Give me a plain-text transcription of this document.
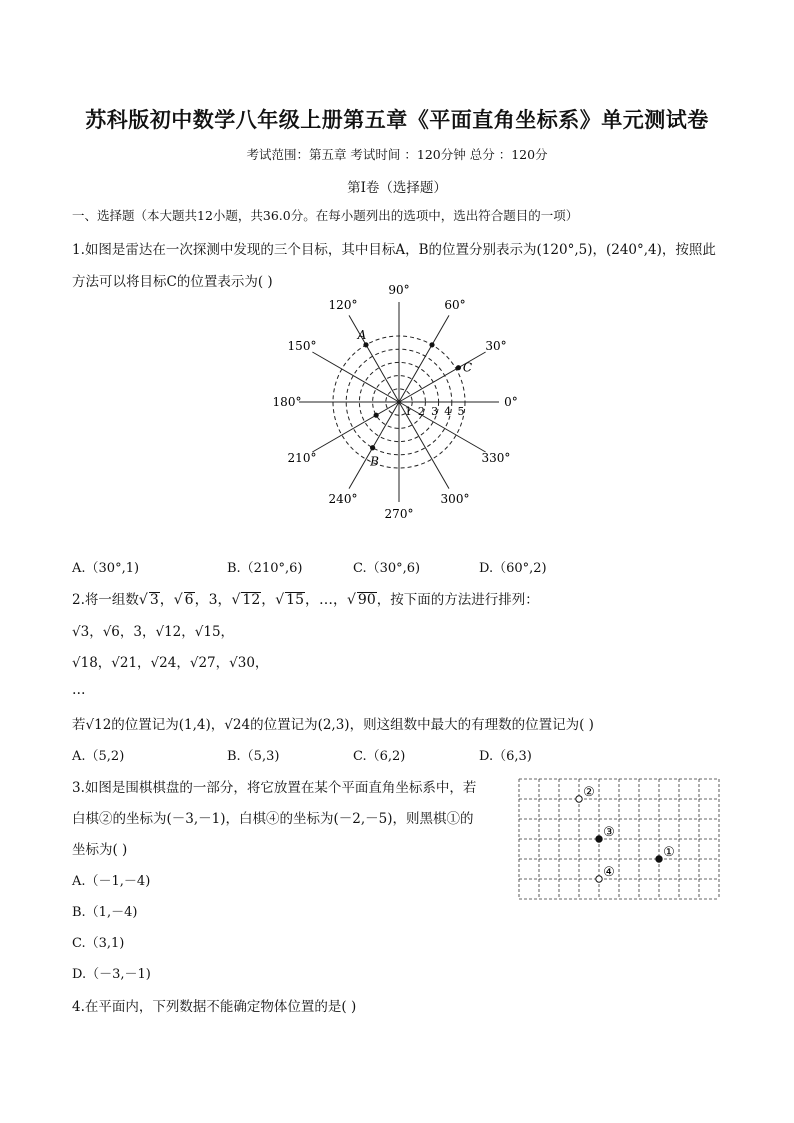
苏科版初中数学八年级上册第五章《平面直角坐标系》单元测试卷
考试范围：第五章 考试时间 ：120分钟 总分 ：120分
第I卷（选择题）
一、选择题（本大题共12小题，共36.0分。在每小题列出的选项中，选出符合题目的一项）
1.如图是雷达在一次探测中发现的三个目标，其中目标A，B的位置分别表示为(120°,5)，(240°,4)，按照此
方法可以将目标C的位置表示为( )
0°
30°
60°
90°
120°
150°
180°
210°
240°
270°
300°
330°
1 2 3 4 5
A
B
C
A.（30°,1)	B.（210°,6)	C.（30°,6)	D.（60°,2)
2.将一组数√ 3，√ 6，3，√ 12，√ 15，…，√ 90，按下面的方法进行排列：
√3，√6，3，√12，√15，
√18，√21，√24，√27，√30，
…
若√12的位置记为(1,4)，√24的位置记为(2,3)，则这组数中最大的有理数的位置记为( )
A.（5,2)	B.（5,3)	C.（6,2)	D.（6,3)
3.如图是围棋棋盘的一部分，将它放置在某个平面直角坐标系中，若
白棋②的坐标为(－3,－1)，白棋④的坐标为(－2,－5)，则黑棋①的
坐标为( )
②
③
①
④
A.（－1,－4)
B.（1,－4)
C.（3,1)
D.（－3,－1)
4.在平面内，下列数据不能确定物体位置的是( )
